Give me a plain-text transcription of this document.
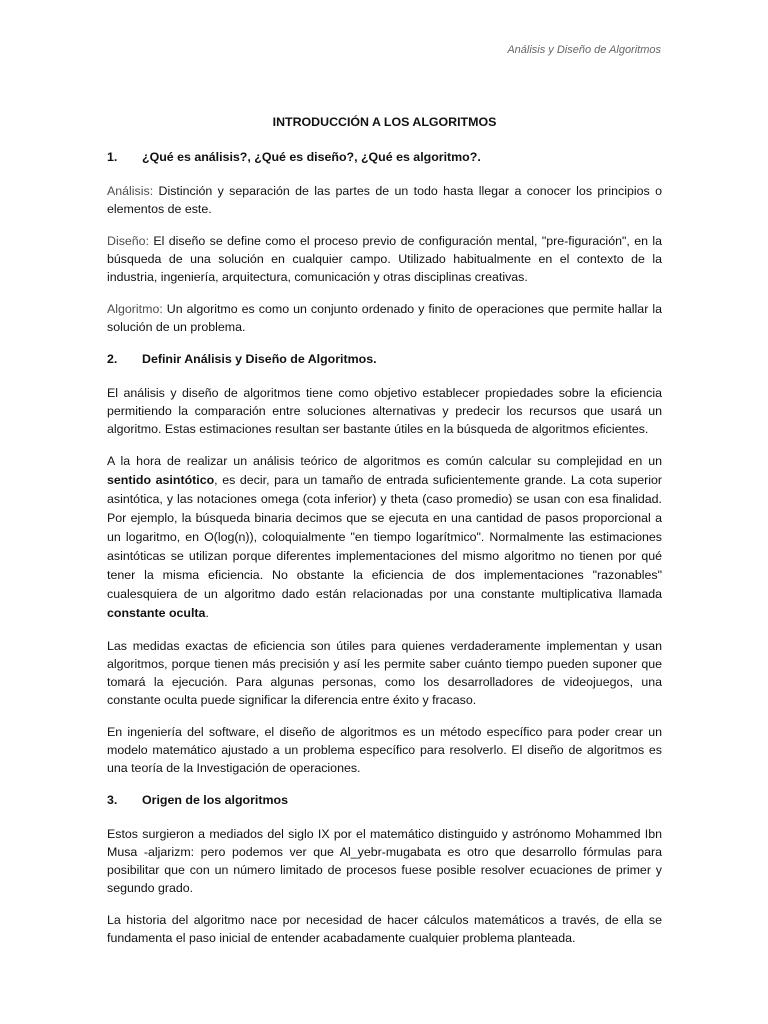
Análisis y Diseño de Algoritmos
INTRODUCCIÓN A LOS ALGORITMOS
1.	¿Qué es análisis?, ¿Qué es diseño?, ¿Qué es algoritmo?.

Análisis: Distinción y separación de las partes de un todo hasta llegar a conocer los principios o elementos de este.

Diseño: El diseño se define como el proceso previo de configuración mental, "pre-figuración", en la búsqueda de una solución en cualquier campo. Utilizado habitualmente en el contexto de la industria, ingeniería, arquitectura, comunicación y otras disciplinas creativas.

Algoritmo: Un algoritmo es como un conjunto ordenado y finito de operaciones que permite hallar la solución de un problema.

2.	Definir Análisis y Diseño de Algoritmos.

El análisis y diseño de algoritmos tiene como objetivo establecer propiedades sobre la eficiencia permitiendo la comparación entre soluciones alternativas y predecir los recursos que usará un algoritmo. Estas estimaciones resultan ser bastante útiles en la búsqueda de algoritmos eficientes.

A la hora de realizar un análisis teórico de algoritmos es común calcular su complejidad en un sentido asintótico, es decir, para un tamaño de entrada suficientemente grande. La cota superior asintótica, y las notaciones omega (cota inferior) y theta (caso promedio) se usan con esa finalidad. Por ejemplo, la búsqueda binaria decimos que se ejecuta en una cantidad de pasos proporcional a un logaritmo, en O(log(n)), coloquialmente "en tiempo logarítmico". Normalmente las estimaciones asintóticas se utilizan porque diferentes implementaciones del mismo algoritmo no tienen por qué tener la misma eficiencia. No obstante la eficiencia de dos implementaciones "razonables" cualesquiera de un algoritmo dado están relacionadas por una constante multiplicativa llamada constante oculta.

Las medidas exactas de eficiencia son útiles para quienes verdaderamente implementan y usan algoritmos, porque tienen más precisión y así les permite saber cuánto tiempo pueden suponer que tomará la ejecución. Para algunas personas, como los desarrolladores de videojuegos, una constante oculta puede significar la diferencia entre éxito y fracaso.

En ingeniería del software, el diseño de algoritmos es un método específico para poder crear un modelo matemático ajustado a un problema específico para resolverlo. El diseño de algoritmos es una teoría de la Investigación de operaciones.

3.	Origen de los algoritmos

Estos surgieron a mediados del siglo IX por el matemático distinguido y astrónomo Mohammed Ibn Musa -aljarizm: pero podemos ver que Al_yebr-mugabata es otro que desarrollo fórmulas para posibilitar que con un número limitado de procesos fuese posible resolver ecuaciones de primer y segundo grado.

La historia del algoritmo nace por necesidad de hacer cálculos matemáticos a través, de ella se fundamenta el paso inicial de entender acabadamente cualquier problema planteada.
